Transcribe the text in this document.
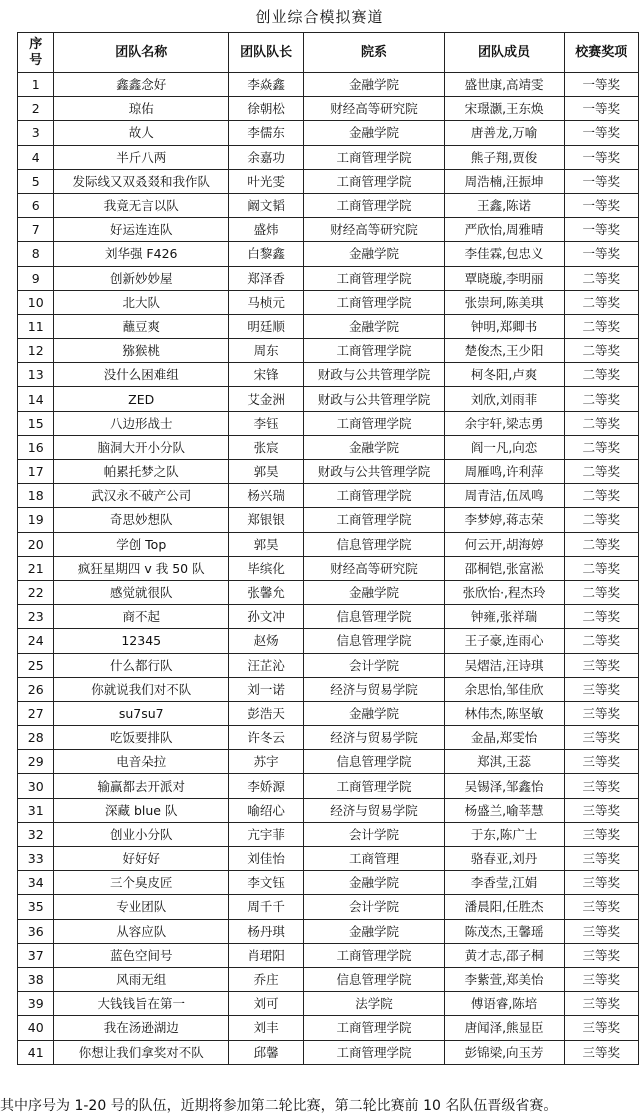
创业综合模拟赛道
序号	团队名称	团队队长	院系	团队成员	校赛奖项
1	鑫鑫念好	李焱鑫	金融学院	盛世康,高靖雯	一等奖
2	琼佑	徐朝松	财经高等研究院	宋璟灏,王东焕	一等奖
3	故人	李儒东	金融学院	唐善龙,万喻	一等奖
4	半斤八两	余嘉功	工商管理学院	熊子翔,贾俊	一等奖
5	发际线又双叒叕和我作队	叶光雯	工商管理学院	周浩楠,汪振坤	一等奖
6	我竟无言以队	阚文韬	工商管理学院	王鑫,陈诺	一等奖
7	好运连连队	盛炜	财经高等研究院	严欣怡,周雅晴	一等奖
8	刘华强 F426	白黎鑫	金融学院	李佳霖,包忠义	一等奖
9	创新妙妙屋	郑泽香	工商管理学院	覃晓璇,李明丽	二等奖
10	北大队	马桢元	工商管理学院	张崇珂,陈美琪	二等奖
11	蘸豆爽	明廷顺	金融学院	钟明,郑卿书	二等奖
12	猕猴桃	周东	工商管理学院	楚俊杰,王少阳	二等奖
13	没什么困难组	宋锋	财政与公共管理学院	柯冬阳,卢爽	二等奖
14	ZED	艾金洲	财政与公共管理学院	刘欣,刘雨菲	二等奖
15	八边形战士	李钰	工商管理学院	余宇轩,梁志勇	二等奖
16	脑洞大开小分队	张宸	金融学院	阎一凡,向恋	二等奖
17	帕累托梦之队	郭昊	财政与公共管理学院	周雁鸣,许利萍	二等奖
18	武汉永不破产公司	杨兴瑞	工商管理学院	周青洁,伍凤鸣	二等奖
19	奇思妙想队	郑银银	工商管理学院	李梦婷,蒋志荣	二等奖
20	学创 Top	郭昊	信息管理学院	何云开,胡海婷	二等奖
21	疯狂星期四 v 我 50 队	毕缤化	财经高等研究院	邵桐铠,张富淞	二等奖
22	感觉就很队	张馨允	金融学院	张欣怡·,程杰玲	二等奖
23	商不起	孙文冲	信息管理学院	钟雍,张祥瑞	二等奖
24	12345	赵炀	信息管理学院	王子豪,连雨心	二等奖
25	什么都行队	汪芷沁	会计学院	吴熠洁,汪诗琪	三等奖
26	你就说我们对不队	刘一诺	经济与贸易学院	余思怡,邹佳欣	三等奖
27	su7su7	彭浩天	金融学院	林伟杰,陈坚敏	三等奖
28	吃饭要排队	许冬云	经济与贸易学院	金晶,郑雯怡	三等奖
29	电音朵拉	苏宇	信息管理学院	郑淇,王蕊	三等奖
30	输赢都去开派对	李娇源	工商管理学院	吴锡泽,邹鑫怡	三等奖
31	深藏 blue 队	喻绍心	经济与贸易学院	杨盛兰,喻莘慧	三等奖
32	创业小分队	亢宇菲	会计学院	于东,陈广士	三等奖
33	好好好	刘佳怡	工商管理	骆春亚,刘丹	三等奖
34	三个臭皮匠	李文钰	金融学院	李香莹,江娟	三等奖
35	专业团队	周千千	会计学院	潘晨阳,任胜杰	三等奖
36	从容应队	杨丹琪	金融学院	陈茂杰,王馨瑶	三等奖
37	蓝色空间号	肖珺阳	工商管理学院	黄才志,邵子桐	三等奖
38	风雨无组	乔庄	信息管理学院	李紫萱,郑美怡	三等奖
39	大钱钱旨在第一	刘可	法学院	傅语睿,陈培	三等奖
40	我在汤逊湖边	刘丰	工商管理学院	唐闻泽,熊显臣	三等奖
41	你想让我们拿奖对不队	邱馨	工商管理学院	彭锦梁,向玉芳	三等奖
其中序号为 1-20 号的队伍，近期将参加第二轮比赛，第二轮比赛前 10 名队伍晋级省赛。
